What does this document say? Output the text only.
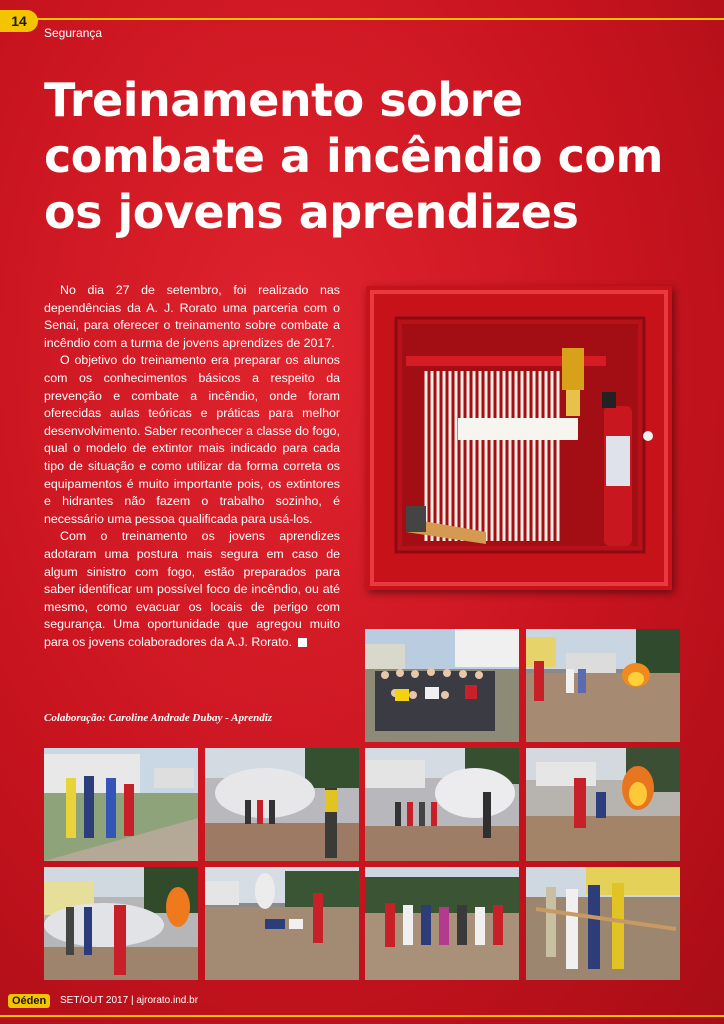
14
Segurança
Treinamento sobre combate a incêndio com os jovens aprendizes

No dia 27 de setembro, foi realizado nas dependências da A. J. Rorato uma parceria com o Senai, para oferecer o treinamento sobre combate a incêndio com a turma de jovens aprendizes de 2017.

O objetivo do treinamento era preparar os alunos com os conhecimentos básicos a respeito da prevenção e combate a incêndio, onde foram oferecidas aulas teóricas e práticas para melhor desenvolvimento. Saber reconhecer a classe do fogo, qual o modelo de extintor mais indicado para cada tipo de situação e como utilizar da forma correta os equipamentos é muito importante pois, os extintores e hidrantes não fazem o trabalho sozinho, é necessário uma pessoa qualificada para usá-los.

Com o treinamento os jovens aprendizes adotaram uma postura mais segura em caso de algum sinistro com fogo, estão preparados para saber identificar um possível foco de incêndio, ou até mesmo, como evacuar os locais de perigo com segurança. Uma oportunidade que agregou muito para os jovens colaboradores da A.J. Rorato.

Colaboração: Caroline Andrade Dubay - Aprendiz
Oéden	SET/OUT 2017 | ajrorato.ind.br
